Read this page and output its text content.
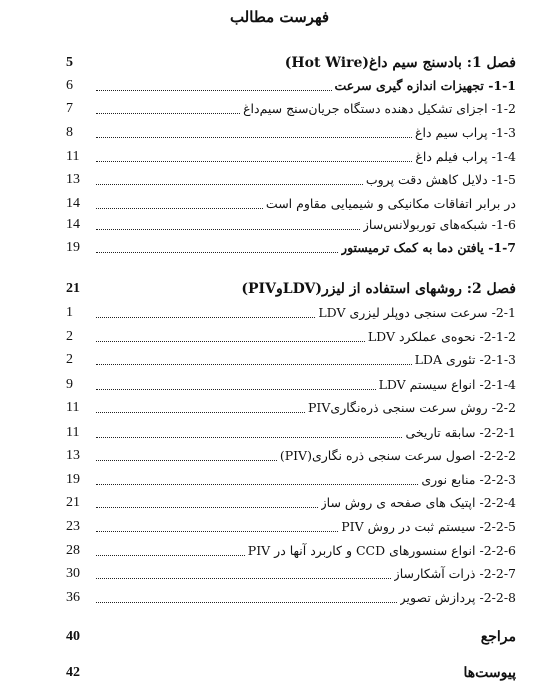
فهرست مطالب
5	فصل 1: بادسنج سیم داغ(Hot Wire)
6	1-1- تجهیزات اندازه گیری سرعت
7	1-2- اجزای تشکیل دهنده دستگاه جریان‌سنج سیم‌داغ
8	1-3- پراب سیم داغ
11	1-4- پراب فیلم داغ
13	1-5- دلایل کاهش دقت پروب
14	در برابر اتفاقات مکانیکی و شیمیایی مقاوم است
14	1-6- شبکه‌های توربولانس‌ساز
19	1-7- یافتن دما به کمک ترمیستور
21	فصل 2: روشهای استفاده از لیزر(LDVوPIV)
1	2-1- سرعت سنجی دوپلر لیزری LDV
2	2-1-2- نحوه‌ی عملکرد LDV
2	2-1-3- تئوری LDA
9	2-1-4- انواع سیستم LDV
11	2-2- روش سرعت سنجی ذره‌نگاریPIV
11	2-2-1- سابقه تاریخی
13	2-2-2- اصول سرعت سنجی ذره نگاری(PIV)
19	2-2-3- منابع نوری
21	2-2-4- اپتیک های صفحه ی روش ساز
23	2-2-5- سیستم ثبت در روش PIV
28	2-2-6- انواع سنسورهای CCD و کاربرد آنها در PIV
30	2-2-7- ذرات آشکارساز
36	2-2-8- پردازش تصویر
40	مراجع
42	پیوست‌ها
